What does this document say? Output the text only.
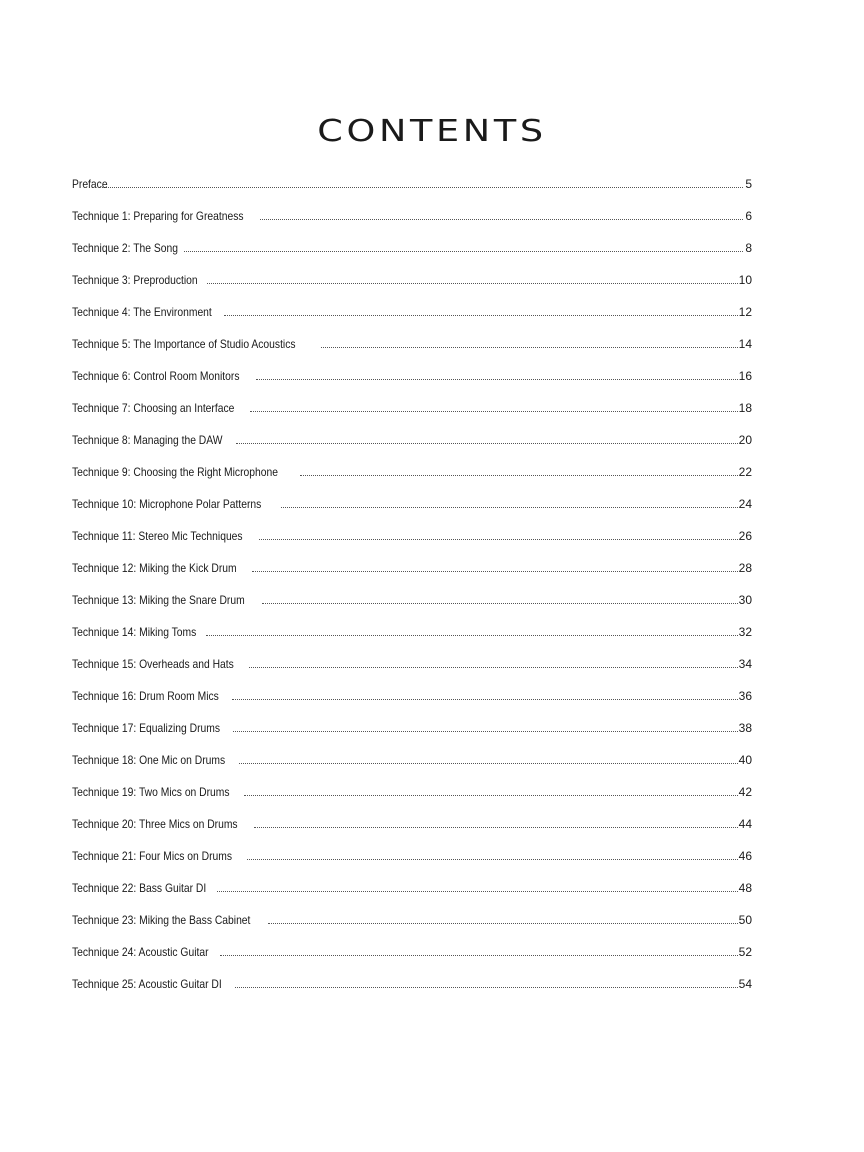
CONTENTS
Preface	5
Technique 1: Preparing for Greatness	6
Technique 2: The Song	8
Technique 3: Preproduction	10
Technique 4: The Environment	12
Technique 5: The Importance of Studio Acoustics	14
Technique 6: Control Room Monitors	16
Technique 7: Choosing an Interface	18
Technique 8: Managing the DAW	20
Technique 9: Choosing the Right Microphone	22
Technique 10: Microphone Polar Patterns	24
Technique 11: Stereo Mic Techniques	26
Technique 12: Miking the Kick Drum	28
Technique 13: Miking the Snare Drum	30
Technique 14: Miking Toms	32
Technique 15: Overheads and Hats	34
Technique 16: Drum Room Mics	36
Technique 17: Equalizing Drums	38
Technique 18: One Mic on Drums	40
Technique 19: Two Mics on Drums	42
Technique 20: Three Mics on Drums	44
Technique 21: Four Mics on Drums	46
Technique 22: Bass Guitar DI	48
Technique 23: Miking the Bass Cabinet	50
Technique 24: Acoustic Guitar	52
Technique 25: Acoustic Guitar DI	54
